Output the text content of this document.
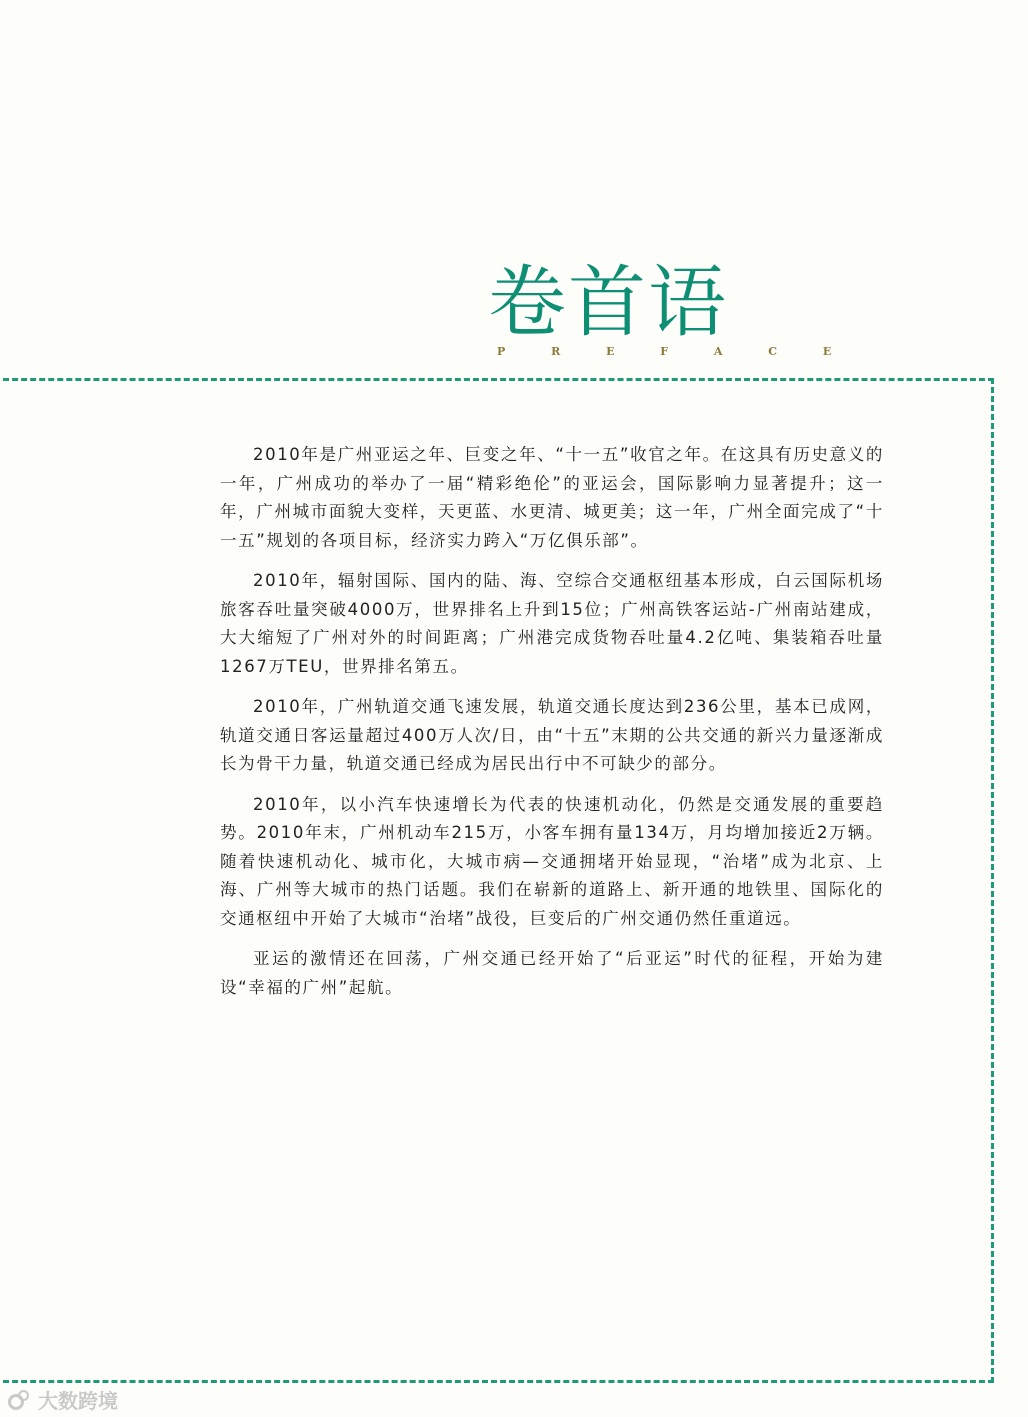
卷首语
P R E F A C E

2010年是广州亚运之年、巨变之年、“十一五”收官之年。在这具有历史意义的一年，广州成功的举办了一届“精彩绝伦”的亚运会，国际影响力显著提升；这一年，广州城市面貌大变样，天更蓝、水更清、城更美；这一年，广州全面完成了“十一五”规划的各项目标，经济实力跨入“万亿俱乐部”。

2010年，辐射国际、国内的陆、海、空综合交通枢纽基本形成，白云国际机场旅客吞吐量突破4000万，世界排名上升到15位；广州高铁客运站-广州南站建成，大大缩短了广州对外的时间距离；广州港完成货物吞吐量4.2亿吨、集装箱吞吐量1267万TEU，世界排名第五。

2010年，广州轨道交通飞速发展，轨道交通长度达到236公里，基本已成网，轨道交通日客运量超过400万人次/日，由“十五”末期的公共交通的新兴力量逐渐成长为骨干力量，轨道交通已经成为居民出行中不可缺少的部分。

2010年，以小汽车快速增长为代表的快速机动化，仍然是交通发展的重要趋势。2010年末，广州机动车215万，小客车拥有量134万，月均增加接近2万辆。随着快速机动化、城市化，大城市病—交通拥堵开始显现，“治堵”成为北京、上海、广州等大城市的热门话题。我们在崭新的道路上、新开通的地铁里、国际化的交通枢纽中开始了大城市“治堵”战役，巨变后的广州交通仍然任重道远。

亚运的激情还在回荡，广州交通已经开始了“后亚运”时代的征程，开始为建设“幸福的广州”起航。

大数跨境
